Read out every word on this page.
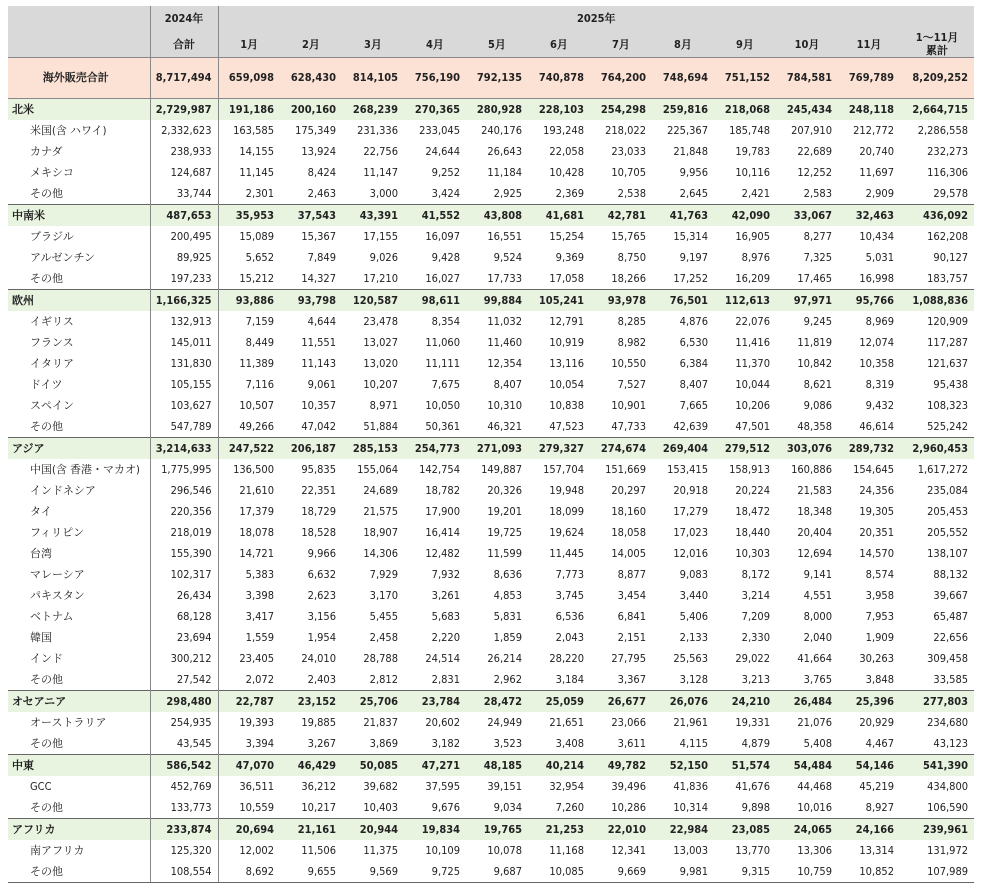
	2024年	2025年											
	合計	1月	2月	3月	4月	5月	6月	7月	8月	9月	10月	11月	1～11月
累計

海外販売合計	8,717,494	659,098	628,430	814,105	756,190	792,135	740,878	764,200	748,694	751,152	784,581	769,789	8,209,252
北米	2,729,987	191,186	200,160	268,239	270,365	280,928	228,103	254,298	259,816	218,068	245,434	248,118	2,664,715
米国(含 ハワイ)	2,332,623	163,585	175,349	231,336	233,045	240,176	193,248	218,022	225,367	185,748	207,910	212,772	2,286,558
カナダ	238,933	14,155	13,924	22,756	24,644	26,643	22,058	23,033	21,848	19,783	22,689	20,740	232,273
メキシコ	124,687	11,145	8,424	11,147	9,252	11,184	10,428	10,705	9,956	10,116	12,252	11,697	116,306
その他	33,744	2,301	2,463	3,000	3,424	2,925	2,369	2,538	2,645	2,421	2,583	2,909	29,578
中南米	487,653	35,953	37,543	43,391	41,552	43,808	41,681	42,781	41,763	42,090	33,067	32,463	436,092
ブラジル	200,495	15,089	15,367	17,155	16,097	16,551	15,254	15,765	15,314	16,905	8,277	10,434	162,208
アルゼンチン	89,925	5,652	7,849	9,026	9,428	9,524	9,369	8,750	9,197	8,976	7,325	5,031	90,127
その他	197,233	15,212	14,327	17,210	16,027	17,733	17,058	18,266	17,252	16,209	17,465	16,998	183,757
欧州	1,166,325	93,886	93,798	120,587	98,611	99,884	105,241	93,978	76,501	112,613	97,971	95,766	1,088,836
イギリス	132,913	7,159	4,644	23,478	8,354	11,032	12,791	8,285	4,876	22,076	9,245	8,969	120,909
フランス	145,011	8,449	11,551	13,027	11,060	11,460	10,919	8,982	6,530	11,416	11,819	12,074	117,287
イタリア	131,830	11,389	11,143	13,020	11,111	12,354	13,116	10,550	6,384	11,370	10,842	10,358	121,637
ドイツ	105,155	7,116	9,061	10,207	7,675	8,407	10,054	7,527	8,407	10,044	8,621	8,319	95,438
スペイン	103,627	10,507	10,357	8,971	10,050	10,310	10,838	10,901	7,665	10,206	9,086	9,432	108,323
その他	547,789	49,266	47,042	51,884	50,361	46,321	47,523	47,733	42,639	47,501	48,358	46,614	525,242
アジア	3,214,633	247,522	206,187	285,153	254,773	271,093	279,327	274,674	269,404	279,512	303,076	289,732	2,960,453
中国(含 香港・マカオ)	1,775,995	136,500	95,835	155,064	142,754	149,887	157,704	151,669	153,415	158,913	160,886	154,645	1,617,272
インドネシア	296,546	21,610	22,351	24,689	18,782	20,326	19,948	20,297	20,918	20,224	21,583	24,356	235,084
タイ	220,356	17,379	18,729	21,575	17,900	19,201	18,099	18,160	17,279	18,472	18,348	19,305	205,453
フィリピン	218,019	18,078	18,528	18,907	16,414	19,725	19,624	18,058	17,023	18,440	20,404	20,351	205,552
台湾	155,390	14,721	9,966	14,306	12,482	11,599	11,445	14,005	12,016	10,303	12,694	14,570	138,107
マレーシア	102,317	5,383	6,632	7,929	7,932	8,636	7,773	8,877	9,083	8,172	9,141	8,574	88,132
パキスタン	26,434	3,398	2,623	3,170	3,261	4,853	3,745	3,454	3,440	3,214	4,551	3,958	39,667
ベトナム	68,128	3,417	3,156	5,455	5,683	5,831	6,536	6,841	5,406	7,209	8,000	7,953	65,487
韓国	23,694	1,559	1,954	2,458	2,220	1,859	2,043	2,151	2,133	2,330	2,040	1,909	22,656
インド	300,212	23,405	24,010	28,788	24,514	26,214	28,220	27,795	25,563	29,022	41,664	30,263	309,458
その他	27,542	2,072	2,403	2,812	2,831	2,962	3,184	3,367	3,128	3,213	3,765	3,848	33,585
オセアニア	298,480	22,787	23,152	25,706	23,784	28,472	25,059	26,677	26,076	24,210	26,484	25,396	277,803
オーストラリア	254,935	19,393	19,885	21,837	20,602	24,949	21,651	23,066	21,961	19,331	21,076	20,929	234,680
その他	43,545	3,394	3,267	3,869	3,182	3,523	3,408	3,611	4,115	4,879	5,408	4,467	43,123
中東	586,542	47,070	46,429	50,085	47,271	48,185	40,214	49,782	52,150	51,574	54,484	54,146	541,390
GCC	452,769	36,511	36,212	39,682	37,595	39,151	32,954	39,496	41,836	41,676	44,468	45,219	434,800
その他	133,773	10,559	10,217	10,403	9,676	9,034	7,260	10,286	10,314	9,898	10,016	8,927	106,590
アフリカ	233,874	20,694	21,161	20,944	19,834	19,765	21,253	22,010	22,984	23,085	24,065	24,166	239,961
南アフリカ	125,320	12,002	11,506	11,375	10,109	10,078	11,168	12,341	13,003	13,770	13,306	13,314	131,972
その他	108,554	8,692	9,655	9,569	9,725	9,687	10,085	9,669	9,981	9,315	10,759	10,852	107,989
